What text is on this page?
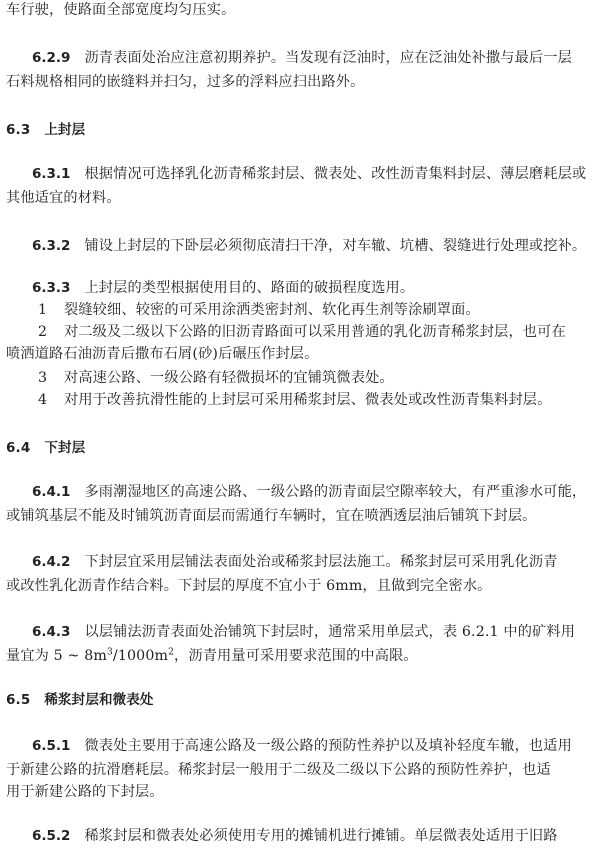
车行驶，使路面全部宽度均匀压实。
6.2.9 沥青表面处治应注意初期养护。当发现有泛油时，应在泛油处补撒与最后一层
石料规格相同的嵌缝料并扫匀，过多的浮料应扫出路外。
6.3 上封层
6.3.1 根据情况可选择乳化沥青稀浆封层、微表处、改性沥青集料封层、薄层磨耗层或
其他适宜的材料。
6.3.2 铺设上封层的下卧层必须彻底清扫干净，对车辙、坑槽、裂缝进行处理或挖补。
6.3.3 上封层的类型根据使用目的、路面的破损程度选用。
1 裂缝较细、较密的可采用涂洒类密封剂、软化再生剂等涂刷罩面。
2 对二级及二级以下公路的旧沥青路面可以采用普通的乳化沥青稀浆封层，也可在
喷洒道路石油沥青后撒布石屑(砂)后碾压作封层。
3 对高速公路、一级公路有轻微损坏的宜铺筑微表处。
4 对用于改善抗滑性能的上封层可采用稀浆封层、微表处或改性沥青集料封层。
6.4 下封层
6.4.1 多雨潮湿地区的高速公路、一级公路的沥青面层空隙率较大，有严重渗水可能，
或铺筑基层不能及时铺筑沥青面层而需通行车辆时，宜在喷洒透层油后铺筑下封层。
6.4.2 下封层宜采用层铺法表面处治或稀浆封层法施工。稀浆封层可采用乳化沥青
或改性乳化沥青作结合料。下封层的厚度不宜小于 6mm，且做到完全密水。
6.4.3 以层铺法沥青表面处治铺筑下封层时，通常采用单层式，表 6.2.1 中的矿料用
量宜为 5 ~ $8m^3/1000m^2$，沥青用量可采用要求范围的中高限。
6.5 稀浆封层和微表处
6.5.1 微表处主要用于高速公路及一级公路的预防性养护以及填补轻度车辙，也适用
于新建公路的抗滑磨耗层。稀浆封层一般用于二级及二级以下公路的预防性养护，也适
用于新建公路的下封层。
6.5.2 稀浆封层和微表处必须使用专用的摊铺机进行摊铺。单层微表处适用于旧路
